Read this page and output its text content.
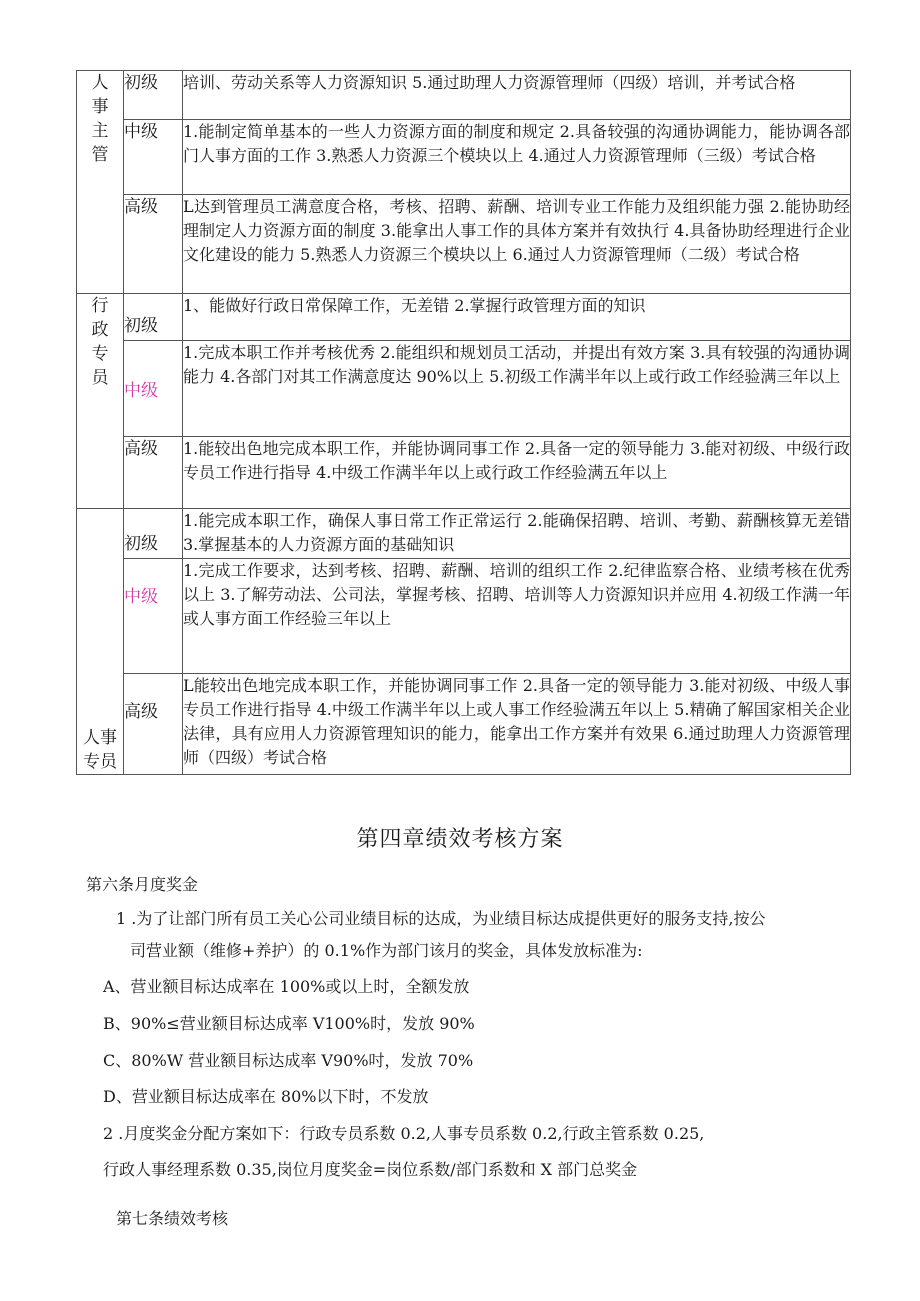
人事主管	初级	培训、劳动关系等人力资源知识 5.通过助理人力资源管理师（四级）培训，并考试合格
	中级	1.能制定简单基本的一些人力资源方面的制度和规定 2.具备较强的沟通协调能力，能协调各部门人事方面的工作 3.熟悉人力资源三个模块以上 4.通过人力资源管理师（三级）考试合格
	高级	L达到管理员工满意度合格，考核、招聘、薪酬、培训专业工作能力及组织能力强 2.能协助经理制定人力资源方面的制度 3.能拿出人事工作的具体方案并有效执行 4.具备协助经理进行企业文化建设的能力 5.熟悉人力资源三个模块以上 6.通过人力资源管理师（二级）考试合格
行政专员	初级	1、能做好行政日常保障工作，无差错 2.掌握行政管理方面的知识
	中级	1.完成本职工作并考核优秀 2.能组织和规划员工活动，并提出有效方案 3.具有较强的沟通协调能力 4.各部门对其工作满意度达 90%以上 5.初级工作满半年以上或行政工作经验满三年以上
	高级	1.能较出色地完成本职工作，并能协调同事工作 2.具备一定的领导能力 3.能对初级、中级行政专员工作进行指导 4.中级工作满半年以上或行政工作经验满五年以上
人事专员	初级	1.能完成本职工作，确保人事日常工作正常运行 2.能确保招聘、培训、考勤、薪酬核算无差错 3.掌握基本的人力资源方面的基础知识
	中级	1.完成工作要求，达到考核、招聘、薪酬、培训的组织工作 2.纪律监察合格、业绩考核在优秀以上 3.了解劳动法、公司法，掌握考核、招聘、培训等人力资源知识并应用 4.初级工作满一年或人事方面工作经验三年以上
	高级	L能较出色地完成本职工作，并能协调同事工作 2.具备一定的领导能力 3.能对初级、中级人事专员工作进行指导 4.中级工作满半年以上或人事工作经验满五年以上 5.精确了解国家相关企业法律，具有应用人力资源管理知识的能力，能拿出工作方案并有效果 6.通过助理人力资源管理师（四级）考试合格
第四章绩效考核方案
第六条月度奖金
1 .为了让部门所有员工关心公司业绩目标的达成，为业绩目标达成提供更好的服务支持,按公
司营业额（维修+养护）的 0.1%作为部门该月的奖金，具体发放标准为:
A、营业额目标达成率在 100%或以上时，全额发放
B、90%≤营业额目标达成率 V100%时，发放 90%
C、80%W 营业额目标达成率 V90%吋，发放 70%
D、营业额目标达成率在 80%以下时，不发放
2 .月度奖金分配方案如下：行政专员系数 0.2,人事专员系数 0.2,行政主管系数 0.25,
行政人事经理系数 0.35,岗位月度奖金=岗位系数/部门系数和 X 部门总奖金
第七条绩效考核
